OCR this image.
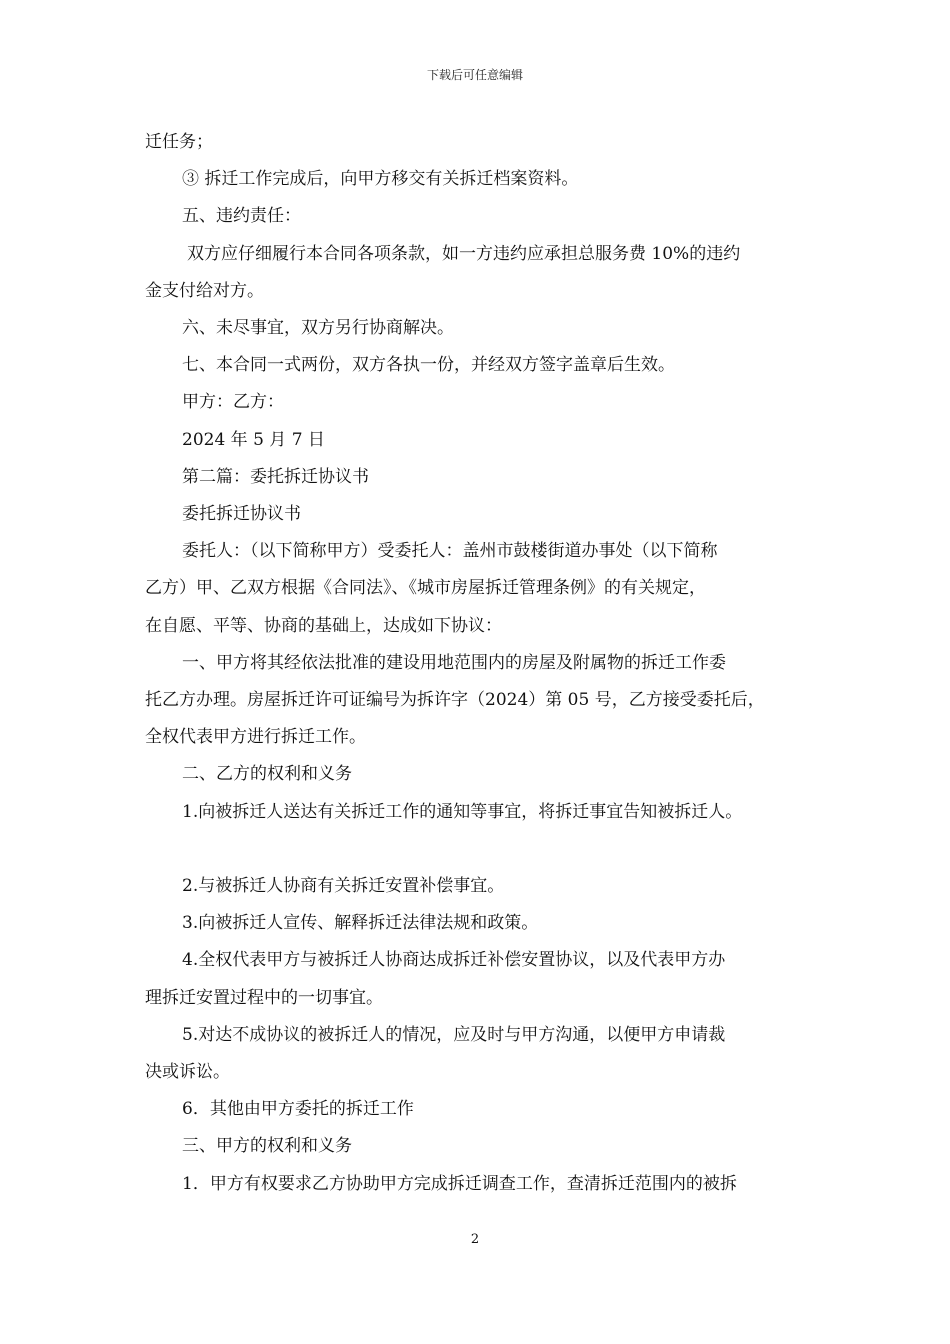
下载后可任意编辑

迁任务；

③ 拆迁工作完成后，向甲方移交有关拆迁档案资料。

五、违约责任：

双方应仔细履行本合同各项条款，如一方违约应承担总服务费 10%的违约

金支付给对方。

六、未尽事宜，双方另行协商解决。

七、本合同一式两份，双方各执一份，并经双方签字盖章后生效。

甲方：乙方：

2024 年 5 月 7 日

第二篇：委托拆迁协议书

委托拆迁协议书

委托人：（以下简称甲方）受委托人：盖州市鼓楼街道办事处（以下简称

乙方）甲、乙双方根据《合同法》、《城市房屋拆迁管理条例》的有关规定，

在自愿、平等、协商的基础上，达成如下协议：

一、甲方将其经依法批准的建设用地范围内的房屋及附属物的拆迁工作委

托乙方办理。房屋拆迁许可证编号为拆许字（2024）第 05 号，乙方接受委托后，

全权代表甲方进行拆迁工作。

二、乙方的权利和义务

1.向被拆迁人送达有关拆迁工作的通知等事宜，将拆迁事宜告知被拆迁人。

2.与被拆迁人协商有关拆迁安置补偿事宜。

3.向被拆迁人宣传、解释拆迁法律法规和政策。

4.全权代表甲方与被拆迁人协商达成拆迁补偿安置协议，以及代表甲方办

理拆迁安置过程中的一切事宜。

5.对达不成协议的被拆迁人的情况，应及时与甲方沟通，以便甲方申请裁

决或诉讼。

6．其他由甲方委托的拆迁工作

三、甲方的权利和义务

1．甲方有权要求乙方协助甲方完成拆迁调查工作，查清拆迁范围内的被拆

2
